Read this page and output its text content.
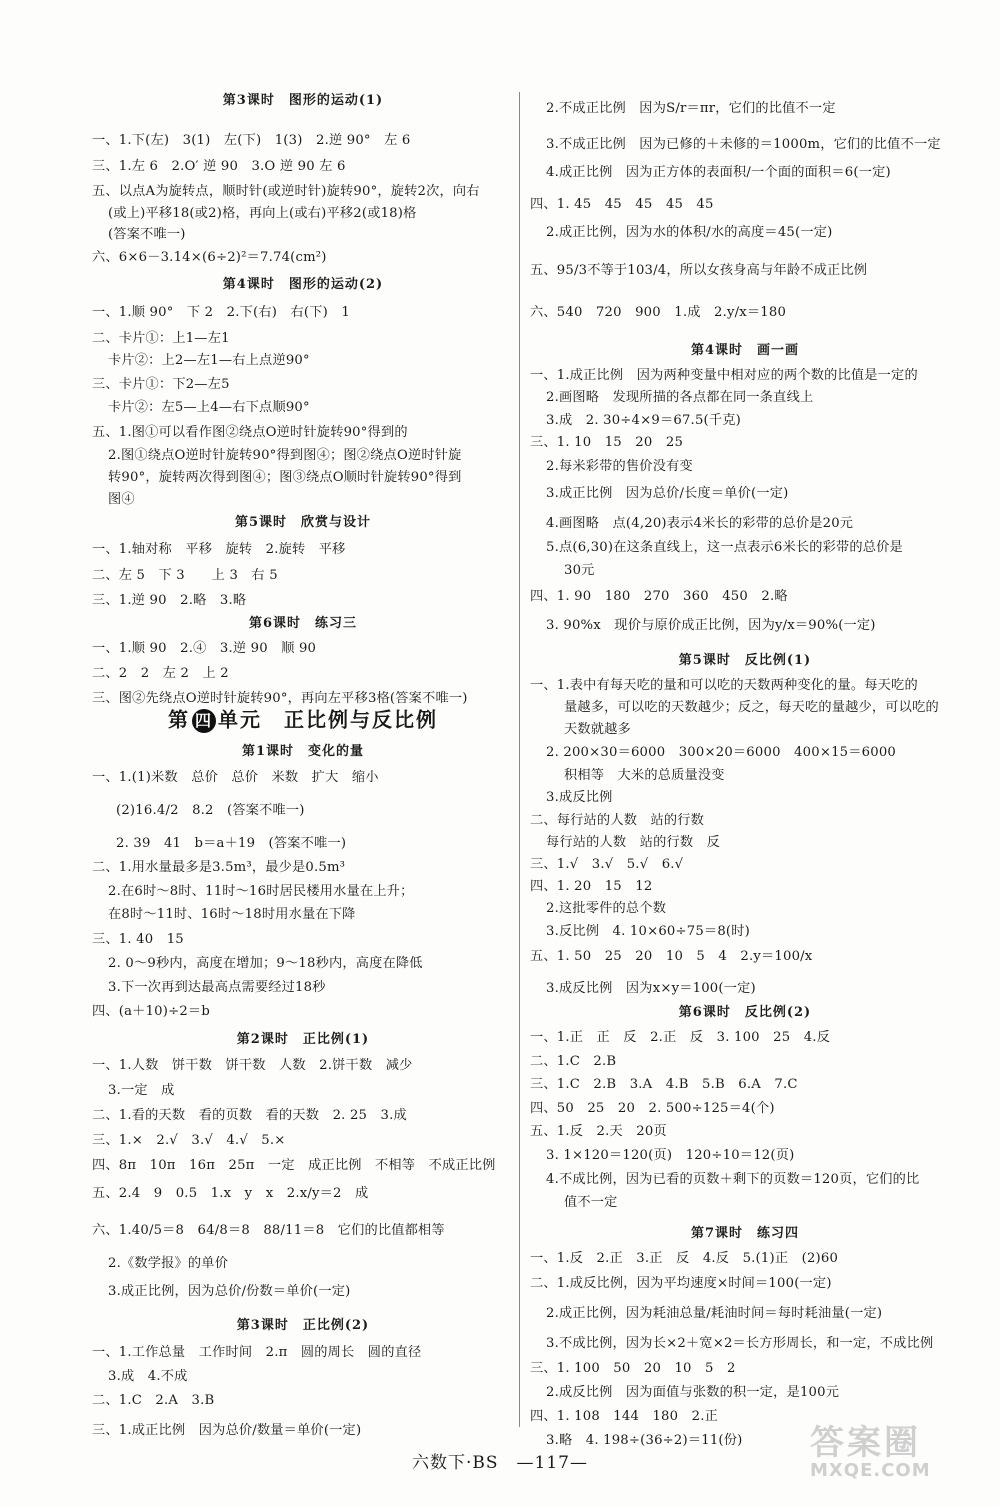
第3课时　图形的运动(1)
一、1.下(左)　3(1)　左(下)　1(3)　2.逆 90°　左 6
三、1.左 6　2.O′ 逆 90　3.O 逆 90 左 6
五、以点A为旋转点，顺时针(或逆时针)旋转90°，旋转2次，向右
(或上)平移18(或2)格，再向上(或右)平移2(或18)格
(答案不唯一)
六、6×6－3.14×(6÷2)²＝7.74(cm²)
第4课时　图形的运动(2)
一、1.顺 90°　下 2　2.下(右)　右(下)　1
二、卡片①：上1—左1
卡片②：上2—左1—右上点逆90°
三、卡片①：下2—左5
卡片②：左5—上4—右下点顺90°
五、1.图①可以看作图②绕点O逆时针旋转90°得到的
2.图①绕点O逆时针旋转90°得到图④；图②绕点O逆时针旋
转90°，旋转两次得到图④；图③绕点O顺时针旋转90°得到
图④
第5课时　欣赏与设计
一、1.轴对称　平移　旋转　2.旋转　平移
二、左 5　下 3　　上 3　右 5
三、1.逆 90　2.略　3.略
第6课时　练习三
一、1.顺 90　2.④　3.逆 90　顺 90
二、2　2　左 2　上 2
三、图②先绕点O逆时针旋转90°，再向左平移3格(答案不唯一)
第1课时　变化的量
一、1.(1)米数　总价　总价　米数　扩大　缩小
(2)16.4/2　8.2　(答案不唯一)
2. 39　41　b＝a＋19　(答案不唯一)
二、1.用水量最多是3.5m³，最少是0.5m³
2.在6时～8时、11时～16时居民楼用水量在上升；
在8时～11时、16时～18时用水量在下降
三、1. 40　15
2. 0～9秒内，高度在增加；9～18秒内，高度在降低
3.下一次再到达最高点需要经过18秒
四、(a＋10)÷2＝b
第2课时　正比例(1)
一、1.人数　饼干数　饼干数　人数　2.饼干数　减少
3.一定　成
二、1.看的天数　看的页数　看的天数　2. 25　3.成
三、1.×　2.√　3.√　4.√　5.×
四、8π　10π　16π　25π　一定　成正比例　不相等　不成正比例
五、2.4　9　0.5　1.x　y　x　2.x/y＝2　成
六、1.40/5＝8　64/8＝8　88/11＝8　它们的比值都相等
2.《数学报》的单价
3.成正比例，因为总价/份数＝单价(一定)
第3课时　正比例(2)
一、1.工作总量　工作时间　2.π　圆的周长　圆的直径
3.成　4.不成
二、1.C　2.A　3.B
三、1.成正比例　因为总价/数量＝单价(一定)
第 四 单元　正比例与反比例
2.不成正比例　因为S/r＝πr，它们的比值不一定
3.不成正比例　因为已修的＋未修的＝1000m，它们的比值不一定
4.成正比例　因为正方体的表面积/一个面的面积＝6(一定)
四、1. 45　45　45　45　45
2.成正比例，因为水的体积/水的高度＝45(一定)
五、95/3不等于103/4，所以女孩身高与年龄不成正比例
六、540　720　900　1.成　2.y/x＝180
第4课时　画一画
一、1.成正比例　因为两种变量中相对应的两个数的比值是一定的
2.画图略　发现所描的各点都在同一条直线上
3.成　2. 30÷4×9＝67.5(千克)
三、1. 10　15　20　25
2.每米彩带的售价没有变
3.成正比例　因为总价/长度＝单价(一定)
4.画图略　点(4,20)表示4米长的彩带的总价是20元
5.点(6,30)在这条直线上，这一点表示6米长的彩带的总价是
30元
四、1. 90　180　270　360　450　2.略
3. 90%x　现价与原价成正比例，因为y/x＝90%(一定)
第5课时　反比例(1)
一、1.表中有每天吃的量和可以吃的天数两种变化的量。每天吃的
量越多，可以吃的天数越少；反之，每天吃的量越少，可以吃的
天数就越多
2. 200×30＝6000　300×20＝6000　400×15＝6000
积相等　大米的总质量没变
3.成反比例
二、每行站的人数　站的行数
每行站的人数　站的行数　反
三、1.√　3.√　5.√　6.√
四、1. 20　15　12
2.这批零件的总个数
3.反比例　4. 10×60÷75＝8(时)
五、1. 50　25　20　10　5　4　2.y＝100/x
3.成反比例　因为x×y＝100(一定)
第6课时　反比例(2)
一、1.正　正　反　2.正　反　3. 100　25　4.反
二、1.C　2.B
三、1.C　2.B　3.A　4.B　5.B　6.A　7.C
四、50　25　20　2. 500÷125＝4(个)
五、1.反　2.天　20页
3. 1×120＝120(页)　120÷10＝12(页)
4.不成比例，因为已看的页数＋剩下的页数＝120页，它们的比
值不一定
第7课时　练习四
一、1.反　2.正　3.正　反　4.反　5.(1)正　(2)60
二、1.成反比例，因为平均速度×时间＝100(一定)
2.成正比例，因为耗油总量/耗油时间＝每时耗油量(一定)
3.不成比例，因为长×2＋宽×2＝长方形周长，和一定，不成比例
三、1. 100　50　20　10　5　2
2.成反比例　因为面值与张数的积一定，是100元
四、1. 108　144　180　2.正
3.略　4. 198÷(36÷2)＝11(份)
六数下·BS　—117—	答案圈
MXQE.COM
